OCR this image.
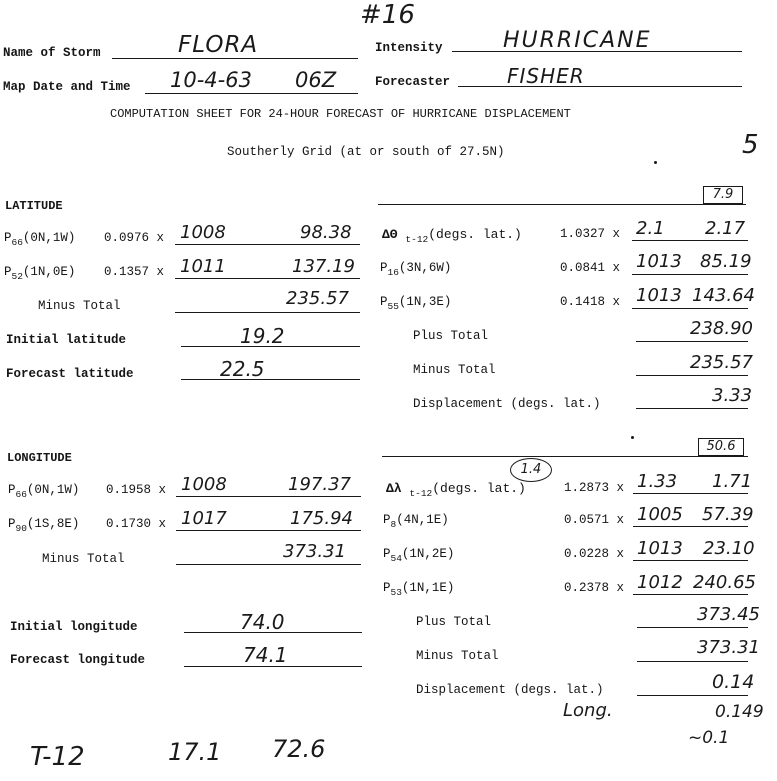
#16
Name of Storm	FLORA	Intensity	HURRICANE
Map Date and Time 10-4-63 06Z	Forecaster	FISHER
COMPUTATION SHEET FOR 24-HOUR FORECAST OF HURRICANE DISPLACEMENT
Southerly Grid (at or south of 27.5N)	5
LATITUDE
7.9
$P_{66}(0N,1W)$ 0.0976 x 1008	98.38
$P_{52}(1N,0E)$ 0.1357 x 1011	137.19
Minus Total	235.57
Initial latitude	19.2
Forecast latitude	22.5
ΔΘ $_{t-12}$(degs. lat.)	1.0327 x 2.1 2.17
$P_{16}(3N,6W)$	0.0841 x 1013 85.19
$P_{55}(1N,3E)$	0.1418 x 1013 143.64
Plus Total	238.90
Minus Total	235.57
Displacement (degs. lat.)	3.33
LONGITUDE
50.6
1.4
$P_{66}(0N,1W)$ 0.1958 x 1008	197.37
$P_{90}(1S,8E)$ 0.1730 x 1017	175.94
Minus Total	373.31
Initial longitude	74.0
Forecast longitude	74.1
Δλ $_{t-12}$(degs. lat.)	1.2873 x 1.33 1.71
$P_8(4N,1E)$	0.0571 x 1005 57.39
$P_{54}(1N,2E)$	0.0228 x 1013 23.10
$P_{53}(1N,1E)$	0.2378 x 1012 240.65
Plus Total	373.45
Minus Total	373.31
Displacement (degs. lat.)	0.14
Long.	0.149
~0.1
T-12	17.1 72.6
